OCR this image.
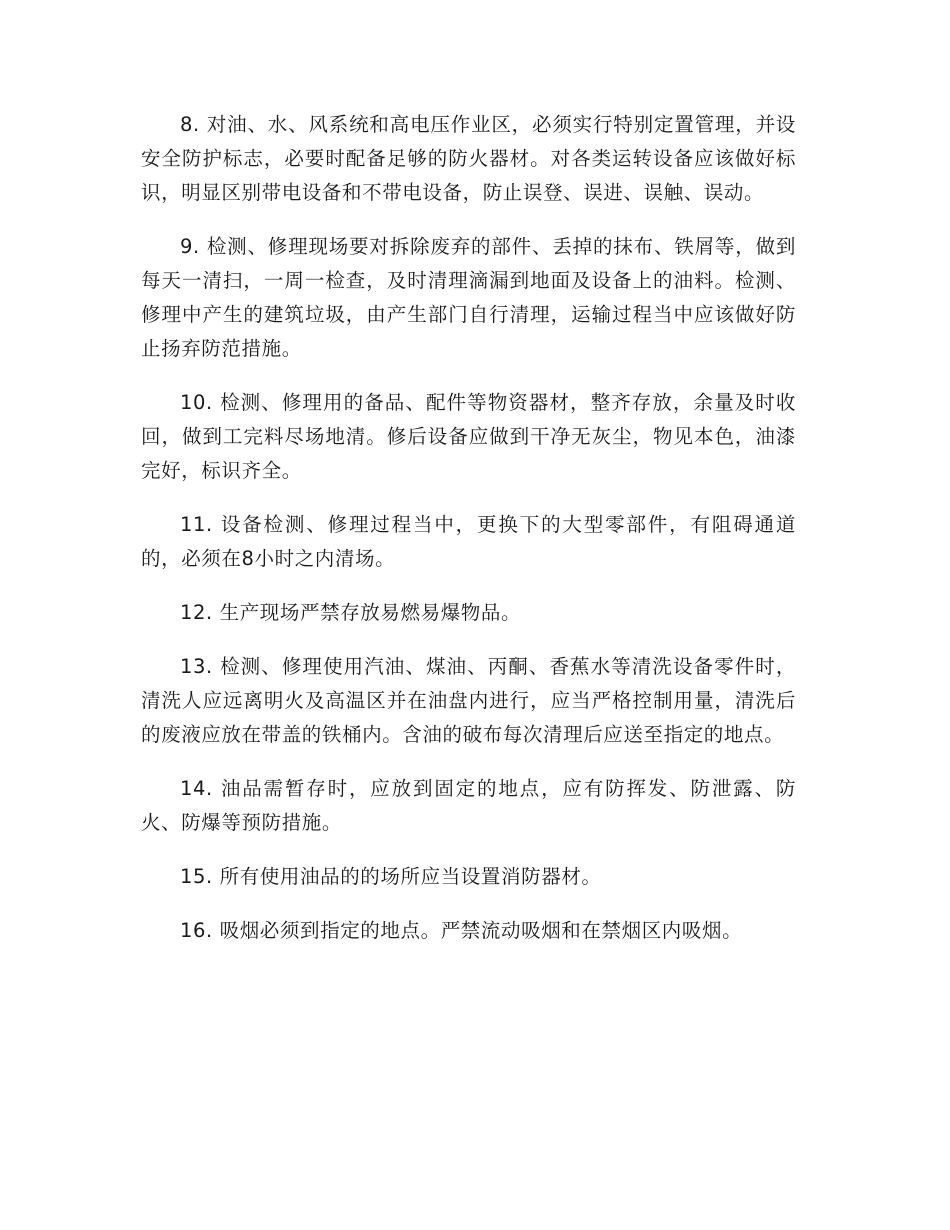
8. 对油、水、风系统和高电压作业区，必须实行特别定置管理，并设安全防护标志，必要时配备足够的防火器材。对各类运转设备应该做好标识，明显区别带电设备和不带电设备，防止误登、误进、误触、误动。

9. 检测、修理现场要对拆除废弃的部件、丢掉的抹布、铁屑等，做到每天一清扫，一周一检查，及时清理滴漏到地面及设备上的油料。检测、修理中产生的建筑垃圾，由产生部门自行清理，运输过程当中应该做好防止扬弃防范措施。

10. 检测、修理用的备品、配件等物资器材，整齐存放，余量及时收回，做到工完料尽场地清。修后设备应做到干净无灰尘，物见本色，油漆完好，标识齐全。

11. 设备检测、修理过程当中，更换下的大型零部件，有阻碍通道的，必须在8小时之内清场。

12. 生产现场严禁存放易燃易爆物品。

13. 检测、修理使用汽油、煤油、丙酮、香蕉水等清洗设备零件时，清洗人应远离明火及高温区并在油盘内进行，应当严格控制用量，清洗后的废液应放在带盖的铁桶内。含油的破布每次清理后应送至指定的地点。

14. 油品需暂存时，应放到固定的地点，应有防挥发、防泄露、防火、防爆等预防措施。

15. 所有使用油品的的场所应当设置消防器材。

16. 吸烟必须到指定的地点。严禁流动吸烟和在禁烟区内吸烟。
